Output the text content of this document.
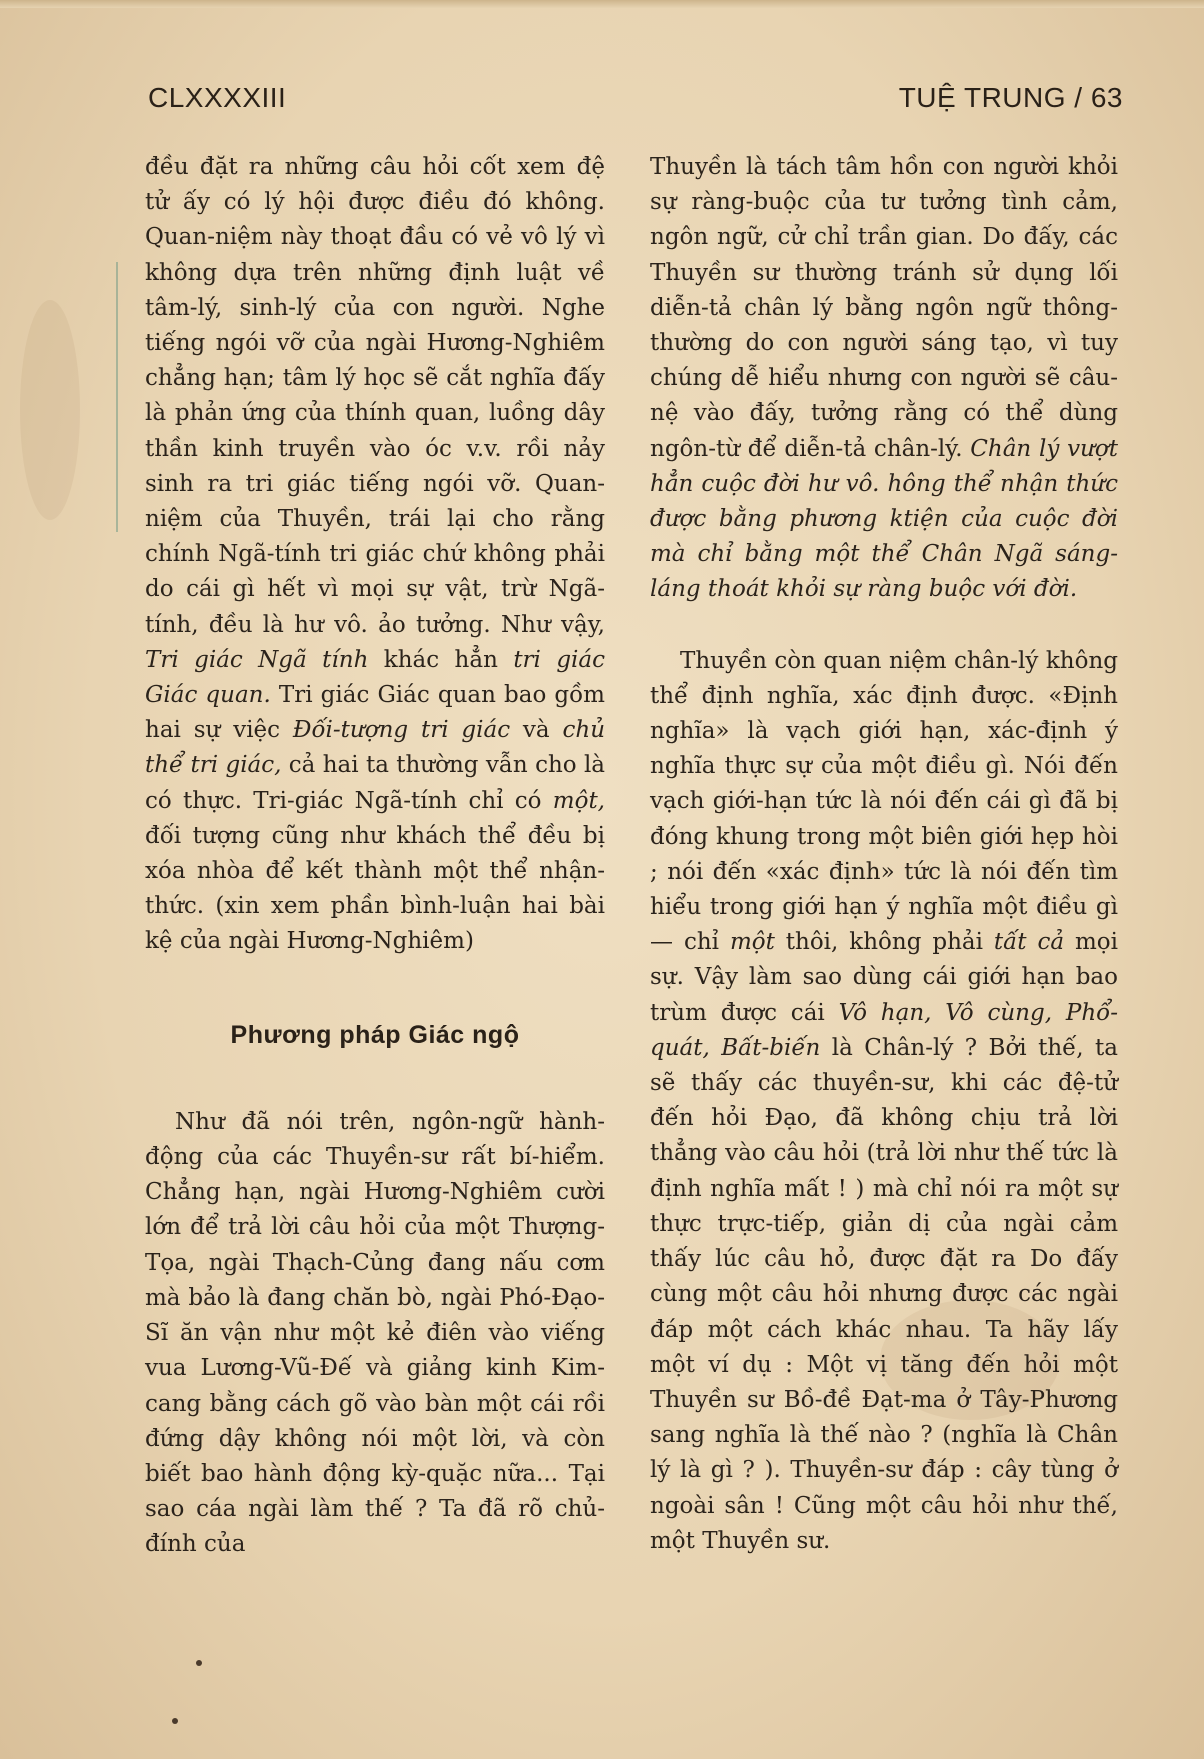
CLXXXXIII	TUỆ TRUNG / 63

đều đặt ra những câu hỏi cốt xem đệ tử ấy có lý hội được điều đó không. Quan-niệm này thoạt đầu có vẻ vô lý vì không dựa trên những định luật về tâm-lý, sinh-lý của con người. Nghe tiếng ngói vỡ của ngài Hương-Nghiêm chẳng hạn; tâm lý học sẽ cắt nghĩa đấy là phản ứng của thính quan, luồng dây thần kinh truyền vào óc v.v. rồi nảy sinh ra tri giác tiếng ngói vỡ. Quan-niệm của Thuyền, trái lại cho rằng chính Ngã-tính tri giác chứ không phải do cái gì hết vì mọi sự vật, trừ Ngã-tính, đều là hư vô. ảo tưởng. Như vậy, Tri giác Ngã tính khác hẳn tri giác Giác quan. Tri giác Giác quan bao gồm hai sự việc Đối-tượng tri giác và chủ thể tri giác, cả hai ta thường vẫn cho là có thực. Tri-giác Ngã-tính chỉ có một, đối tượng cũng như khách thể đều bị xóa nhòa để kết thành một thể nhận-thức. (xin xem phần bình-luận hai bài kệ của ngài Hương-Nghiêm)

Phương pháp Giác ngộ

Như đã nói trên, ngôn-ngữ hành-động của các Thuyền-sư rất bí-hiểm. Chẳng hạn, ngài Hương-Nghiêm cười lớn để trả lời câu hỏi của một Thượng-Tọa, ngài Thạch-Củng đang nấu cơm mà bảo là đang chăn bò, ngài Phó-Đạo-Sĩ ăn vận như một kẻ điên vào viếng vua Lương-Vũ-Đế và giảng kinh Kim-cang bằng cách gõ vào bàn một cái rồi đứng dậy không nói một lời, và còn biết bao hành động kỳ-quặc nữa... Tại sao cáa ngài làm thế ? Ta đã rõ chủ-đính của

Thuyền là tách tâm hồn con người khỏi sự ràng-buộc của tư tưởng tình cảm, ngôn ngữ, cử chỉ trần gian. Do đấy, các Thuyền sư thường tránh sử dụng lối diễn-tả chân lý bằng ngôn ngữ thông-thường do con người sáng tạo, vì tuy chúng dễ hiểu nhưng con người sẽ câu-nệ vào đấy, tưởng rằng có thể dùng ngôn-từ để diễn-tả chân-lý. Chân lý vượt hẳn cuộc đời hư vô. hông thể nhận thức được bằng phương ktiện của cuộc đời mà chỉ bằng một thể Chân Ngã sáng-láng thoát khỏi sự ràng buộc với đời.

Thuyền còn quan niệm chân-lý không thể định nghĩa, xác định được. «Định nghĩa» là vạch giới hạn, xác-định ý nghĩa thực sự của một điều gì. Nói đến vạch giới-hạn tức là nói đến cái gì đã bị đóng khung trong một biên giới hẹp hòi ; nói đến «xác định» tức là nói đến tìm hiểu trong giới hạn ý nghĩa một điều gì — chỉ một thôi, không phải tất cả mọi sự. Vậy làm sao dùng cái giới hạn bao trùm được cái Vô hạn, Vô cùng, Phổ-quát, Bất-biến là Chân-lý ? Bởi thế, ta sẽ thấy các thuyền-sư, khi các đệ-tử đến hỏi Đạo, đã không chịu trả lời thẳng vào câu hỏi (trả lời như thế tức là định nghĩa mất ! ) mà chỉ nói ra một sự thực trực-tiếp, giản dị của ngài cảm thấy lúc câu hỏ, được đặt ra Do đấy cùng một câu hỏi nhưng được các ngài đáp một cách khác nhau. Ta hãy lấy một ví dụ : Một vị tăng đến hỏi một Thuyền sư Bồ-đề Đạt-ma ở Tây-Phương sang nghĩa là thế nào ? (nghĩa là Chân lý là gì ? ). Thuyền-sư đáp : cây tùng ở ngoài sân ! Cũng một câu hỏi như thế, một Thuyền sư.
